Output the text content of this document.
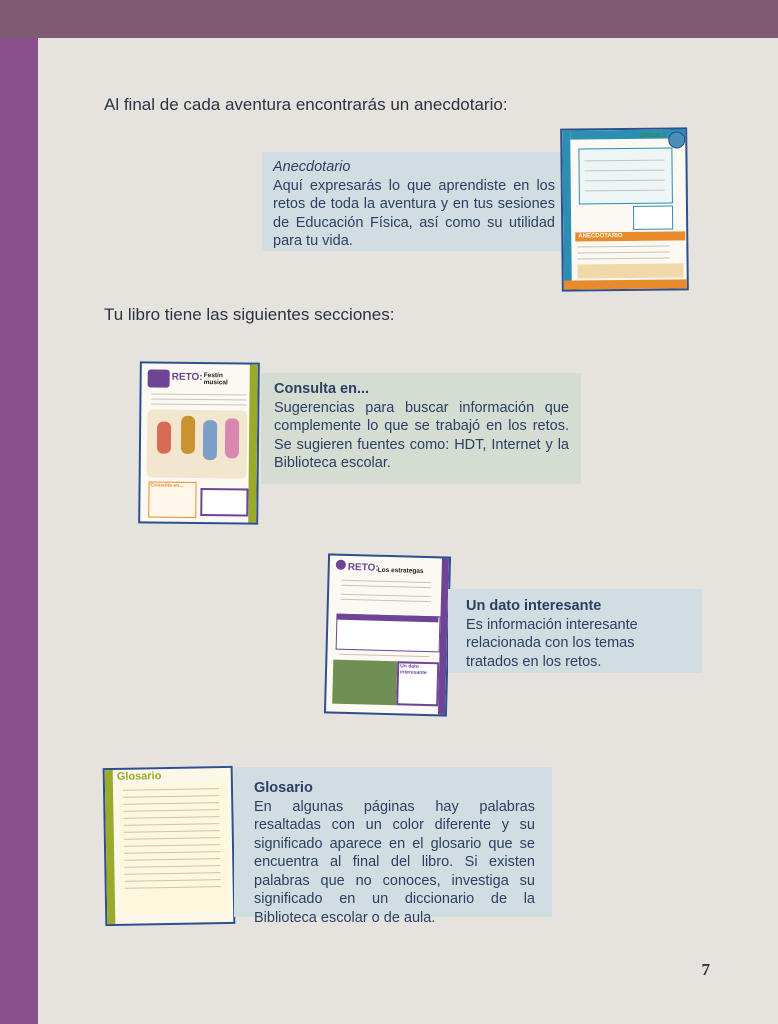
Al final de cada aventura encontrarás un anecdotario:

Anecdotario

Aquí expresarás lo que aprendiste en los retos de toda la aventura y en tus sesiones de Educación Física, así como su utilidad para tu vida.

Bloque 1
ANECDOTARIO

Tu libro tiene las siguientes secciones:

RETO: Festín musical
Consulta en...

Consulta en...

Sugerencias para buscar información que complemente lo que se trabajó en los retos. Se sugieren fuentes como: HDT, Internet y la Biblioteca escolar.

RETO:
Los estrategas
Un dato interesante

Un dato interesante

Es información interesante relacionada con los temas tratados en los retos.

Glosario

Glosario

En algunas páginas hay palabras resaltadas con un color diferente y su significado aparece en el glosario que se encuentra al final del libro. Si existen palabras que no conoces, investiga su significado en un diccionario de la Biblioteca escolar o de aula.

7
